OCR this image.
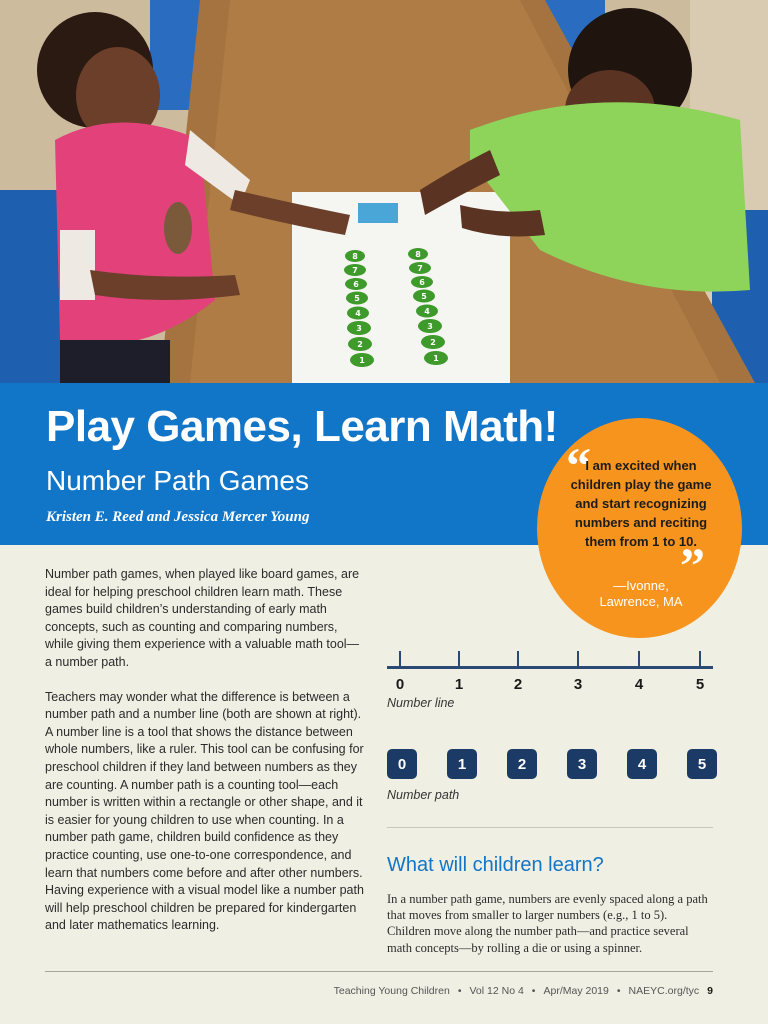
1
2
3
4
5
6
7
8
1
2
3
4
5
6
7
8
Play Games, Learn Math!
Number Path Games

Kristen E. Reed and Jessica Mercer Young

“
I am excited when children play the game and start recognizing numbers and reciting them from 1 to 10.
”
—Ivonne,
Lawrence, MA

Number path games, when played like board games, are ideal for helping preschool children learn math. These games build children’s understanding of early math concepts, such as counting and comparing numbers, while giving them experience with a valuable math tool—a number path.

Teachers may wonder what the difference is between a number path and a number line (both are shown at right). A number line is a tool that shows the distance between whole numbers, like a ruler. This tool can be confusing for preschool children if they land between numbers as they are counting. A number path is a counting tool—each number is written within a rectangle or other shape, and it is easier for young children to use when counting. In a number path game, children build confidence as they practice counting, use one-to-one correspondence, and learn that numbers come before and after other numbers. Having experience with a visual model like a number path will help preschool children be prepared for kindergarten and later mathematics learning.

0	1	2	3	4	5
Number line
0	1	2	3	4	5
Number path
What will children learn?

In a number path game, numbers are evenly spaced along a path that moves from smaller to larger numbers (e.g., 1 to 5). Children move along the number path—and practice several math concepts—by rolling a die or using a spinner.

Teaching Young Children • Vol 12 No 4 • Apr/May 2019 • NAEYC.org/tyc 9
